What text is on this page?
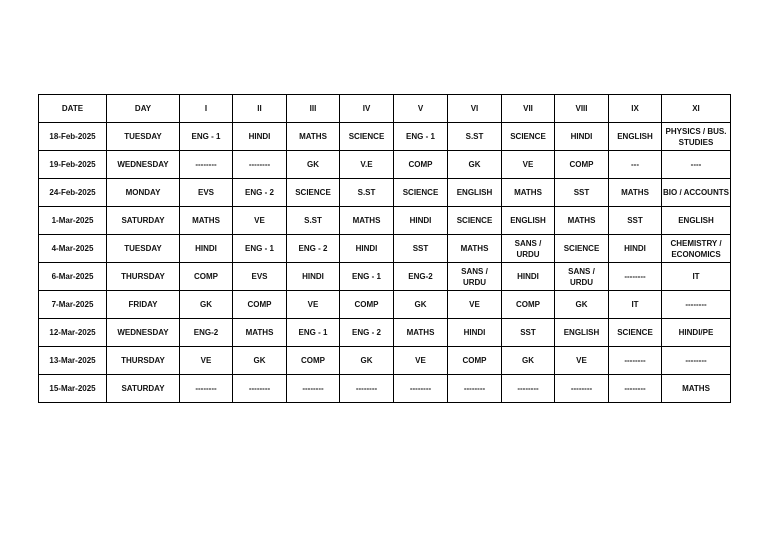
DATE	DAY	I	II	III	IV	V	VI	VII	VIII	IX	XI
18-Feb-2025	TUESDAY	ENG - 1	HINDI	MATHS	SCIENCE	ENG - 1	S.ST	SCIENCE	HINDI	ENGLISH	PHYSICS / BUS. STUDIES
19-Feb-2025	WEDNESDAY	--------	--------	GK	V.E	COMP	GK	VE	COMP	---	----
24-Feb-2025	MONDAY	EVS	ENG - 2	SCIENCE	S.ST	SCIENCE	ENGLISH	MATHS	SST	MATHS	BIO / ACCOUNTS
1-Mar-2025	SATURDAY	MATHS	VE	S.ST	MATHS	HINDI	SCIENCE	ENGLISH	MATHS	SST	ENGLISH
4-Mar-2025	TUESDAY	HINDI	ENG - 1	ENG - 2	HINDI	SST	MATHS	SANS / URDU	SCIENCE	HINDI	CHEMISTRY / ECONOMICS
6-Mar-2025	THURSDAY	COMP	EVS	HINDI	ENG - 1	ENG-2	SANS / URDU	HINDI	SANS / URDU	--------	IT
7-Mar-2025	FRIDAY	GK	COMP	VE	COMP	GK	VE	COMP	GK	IT	--------
12-Mar-2025	WEDNESDAY	ENG-2	MATHS	ENG - 1	ENG - 2	MATHS	HINDI	SST	ENGLISH	SCIENCE	HINDI/PE
13-Mar-2025	THURSDAY	VE	GK	COMP	GK	VE	COMP	GK	VE	--------	--------
15-Mar-2025	SATURDAY	--------	--------	--------	--------	--------	--------	--------	--------	--------	MATHS
